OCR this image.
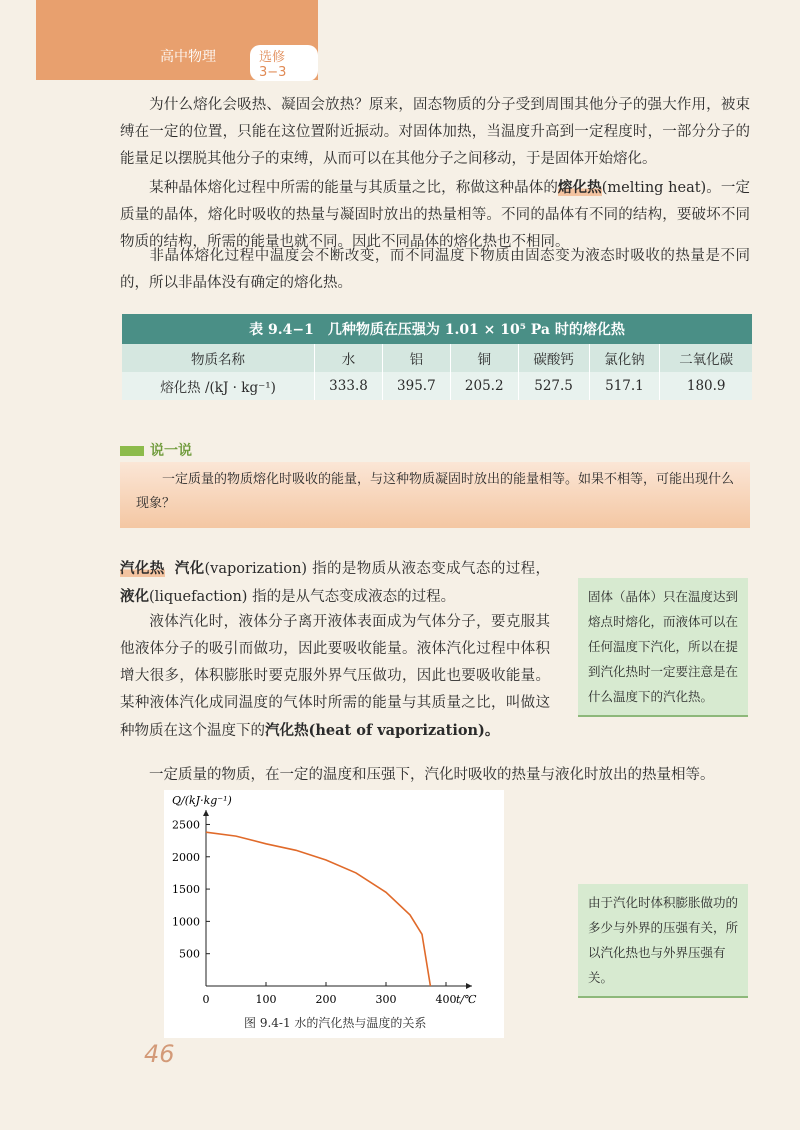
高中物理	选修 3−3
为什么熔化会吸热、凝固会放热？原来，固态物质的分子受到周围其他分子的强大作用，被束缚在一定的位置，只能在这位置附近振动。对固体加热，当温度升高到一定程度时，一部分分子的能量足以摆脱其他分子的束缚，从而可以在其他分子之间移动，于是固体开始熔化。
某种晶体熔化过程中所需的能量与其质量之比，称做这种晶体的熔化热(melting heat)。一定质量的晶体，熔化时吸收的热量与凝固时放出的热量相等。不同的晶体有不同的结构，要破坏不同物质的结构，所需的能量也就不同。因此不同晶体的熔化热也不相同。
非晶体熔化过程中温度会不断改变，而不同温度下物质由固态变为液态时吸收的热量是不同的，所以非晶体没有确定的熔化热。
表 9.4−1　几种物质在压强为 1.01 × 10⁵ Pa 时的熔化热						
物质名称	水	铝	铜	碳酸钙	氯化钠	二氧化碳
熔化热 /(kJ · kg⁻¹)	333.8	395.7	205.2	527.5	517.1	180.9
说一说
一定质量的物质熔化时吸收的能量，与这种物质凝固时放出的能量相等。如果不相等，可能出现什么现象？
汽化热 汽化(vaporization) 指的是物质从液态变成气态的过程，液化(liquefaction) 指的是从气态变成液态的过程。
液体汽化时，液体分子离开液体表面成为气体分子，要克服其他液体分子的吸引而做功，因此要吸收能量。液体汽化过程中体积增大很多，体积膨胀时要克服外界气压做功，因此也要吸收能量。某种液体汽化成同温度的气体时所需的能量与其质量之比，叫做这种物质在这个温度下的汽化热(heat of vaporization)。
一定质量的物质，在一定的温度和压强下，汽化时吸收的热量与液化时放出的热量相等。
固体（晶体）只在温度达到熔点时熔化，而液体可以在任何温度下汽化，所以在提到汽化热时一定要注意是在什么温度下的汽化热。
由于汽化时体积膨胀做功的多少与外界的压强有关，所以汽化热也与外界压强有关。
0	100	200	300	400
500
1000
1500
2000
2500
Q/(kJ·kg⁻¹)
t/℃
图 9.4-1 水的汽化热与温度的关系
46
